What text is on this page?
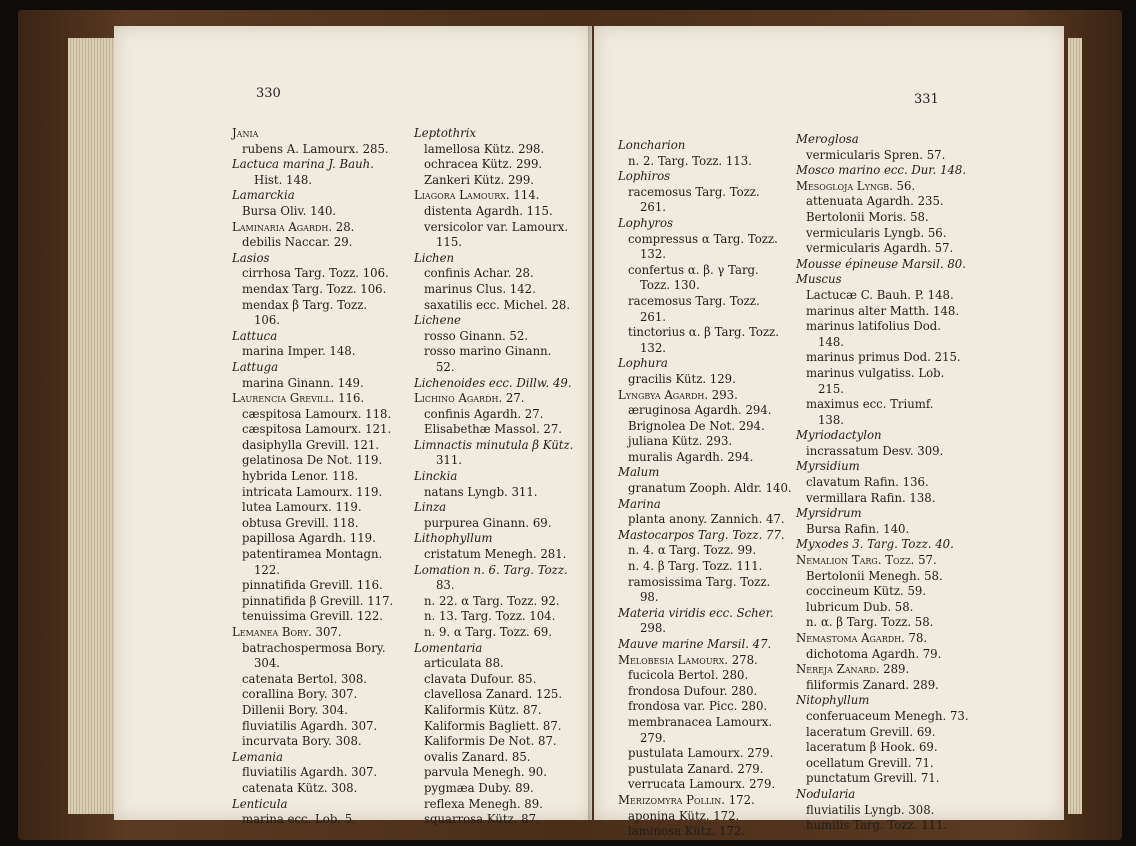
330
Jania
rubens A. Lamourx. 285.
Lactuca marina J. Bauh.
Hist. 148.
Lamarckia
Bursa Oliv. 140.
Laminaria Agardh. 28.
debilis Naccar. 29.
Lasios
cirrhosa Targ. Tozz. 106.
mendax Targ. Tozz. 106.
mendax β Targ. Tozz.
106.
Lattuca
marina Imper. 148.
Lattuga
marina Ginann. 149.
Laurencia Grevill. 116.
cæspitosa Lamourx. 118.
cæspitosa Lamourx. 121.
dasiphylla Grevill. 121.
gelatinosa De Not. 119.
hybrida Lenor. 118.
intricata Lamourx. 119.
lutea Lamourx. 119.
obtusa Grevill. 118.
papillosa Agardh. 119.
patentiramea Montagn.
122.
pinnatifida Grevill. 116.
pinnatifida β Grevill. 117.
tenuissima Grevill. 122.
Lemanea Bory. 307.
batrachospermosa Bory.
304.
catenata Bertol. 308.
corallina Bory. 307.
Dillenii Bory. 304.
fluviatilis Agardh. 307.
incurvata Bory. 308.
Lemania
fluviatilis Agardh. 307.
catenata Kütz. 308.
Lenticula
marina ecc. Lob. 5.
Leptothrix
lamellosa Kütz. 298.
ochracea Kütz. 299.
Zankeri Kütz. 299.
Liagora Lamourx. 114.
distenta Agardh. 115.
versicolor var. Lamourx.
115.
Lichen
confinis Achar. 28.
marinus Clus. 142.
saxatilis ecc. Michel. 28.
Lichene
rosso Ginann. 52.
rosso marino Ginann.
52.
Lichenoides ecc. Dillw. 49.
Lichino Agardh. 27.
confinis Agardh. 27.
Elisabethæ Massol. 27.
Limnactis minutula β Kütz.
311.
Linckia
natans Lyngb. 311.
Linza
purpurea Ginann. 69.
Lithophyllum
cristatum Menegh. 281.
Lomation n. 6. Targ. Tozz.
83.
n. 22. α Targ. Tozz. 92.
n. 13. Targ. Tozz. 104.
n. 9. α Targ. Tozz. 69.
Lomentaria
articulata 88.
clavata Dufour. 85.
clavellosa Zanard. 125.
Kaliformis Kütz. 87.
Kaliformis Bagliett. 87.
Kaliformis De Not. 87.
ovalis Zanard. 85.
parvula Menegh. 90.
pygmæa Duby. 89.
reflexa Menegh. 89.
squarrosa Kütz. 87.
331
Loncharion
n. 2. Targ. Tozz. 113.
Lophiros
racemosus Targ. Tozz.
261.
Lophyros
compressus α Targ. Tozz.
132.
confertus α. β. γ Targ.
Tozz. 130.
racemosus Targ. Tozz.
261.
tinctorius α. β Targ. Tozz.
132.
Lophura
gracilis Kütz. 129.
Lyngbya Agardh. 293.
æruginosa Agardh. 294.
Brignolea De Not. 294.
juliana Kütz. 293.
muralis Agardh. 294.
Malum
granatum Zooph. Aldr. 140.
Marina
planta anony. Zannich. 47.
Mastocarpos Targ. Tozz. 77.
n. 4. α Targ. Tozz. 99.
n. 4. β Targ. Tozz. 111.
ramosissima Targ. Tozz.
98.
Materia viridis ecc. Scher.
298.
Mauve marine Marsil. 47.
Melobesia Lamourx. 278.
fucicola Bertol. 280.
frondosa Dufour. 280.
frondosa var. Picc. 280.
membranacea Lamourx.
279.
pustulata Lamourx. 279.
pustulata Zanard. 279.
verrucata Lamourx. 279.
Merizomyra Pollin. 172.
aponina Kütz. 172.
laminosa Kütz. 172.
Meroglosa
vermicularis Spren. 57.
Mosco marino ecc. Dur. 148.
Mesogloja Lyngb. 56.
attenuata Agardh. 235.
Bertolonii Moris. 58.
vermicularis Lyngb. 56.
vermicularis Agardh. 57.
Mousse épineuse Marsil. 80.
Muscus
Lactucæ C. Bauh. P. 148.
marinus alter Matth. 148.
marinus latifolius Dod.
148.
marinus primus Dod. 215.
marinus vulgatiss. Lob.
215.
maximus ecc. Triumf.
138.
Myriodactylon
incrassatum Desv. 309.
Myrsidium
clavatum Rafin. 136.
vermillara Rafin. 138.
Myrsidrum
Bursa Rafin. 140.
Myxodes 3. Targ. Tozz. 40.
Nemalion Targ. Tozz. 57.
Bertolonii Menegh. 58.
coccineum Kütz. 59.
lubricum Dub. 58.
n. α. β Targ. Tozz. 58.
Nemastoma Agardh. 78.
dichotoma Agardh. 79.
Nereja Zanard. 289.
filiformis Zanard. 289.
Nitophyllum
conferuaceum Menegh. 73.
laceratum Grevill. 69.
laceratum β Hook. 69.
ocellatum Grevill. 71.
punctatum Grevill. 71.
Nodularia
fluviatilis Lyngb. 308.
humilis Targ. Tozz. 111.
